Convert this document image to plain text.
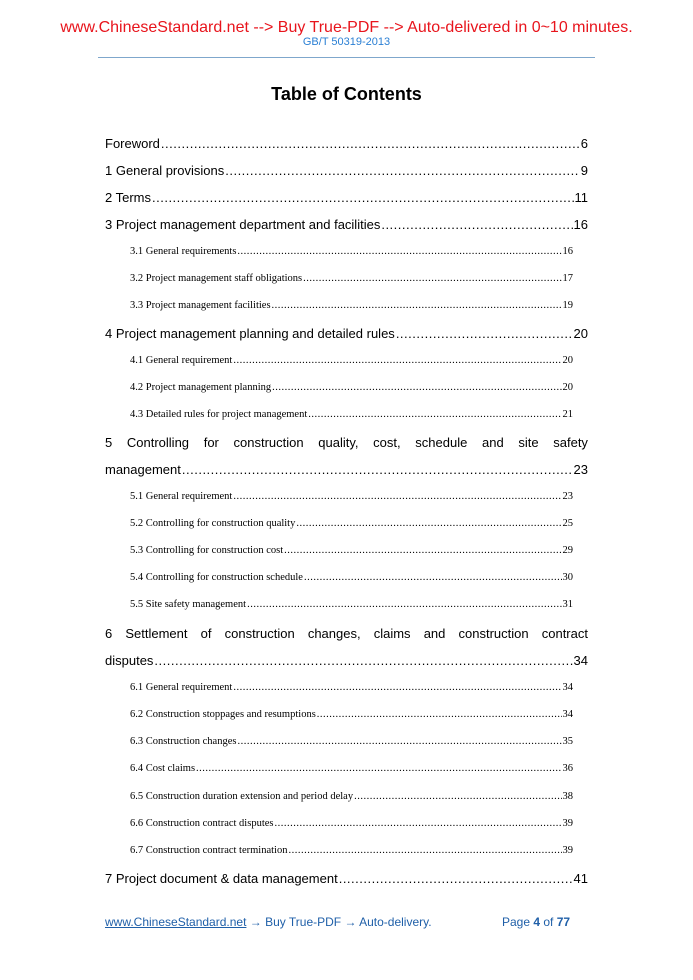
www.ChineseStandard.net --> Buy True-PDF --> Auto-delivered in 0~10 minutes.
GB/T 50319-2013
Table of Contents
Foreword .....	6
1 General provisions .....	9
2 Terms .....	11
3 Project management department and facilities .....	16
3.1 General requirements .....	16
3.2 Project management staff obligations .....	17
3.3 Project management facilities .....	19
4 Project management planning and detailed rules .....	20
4.1 General requirement .....	20
4.2 Project management planning .....	20
4.3 Detailed rules for project management .....	21
5 Controlling for construction quality, cost, schedule and site safety
management .....	23
5.1 General requirement .....	23
5.2 Controlling for construction quality .....	25
5.3 Controlling for construction cost .....	29
5.4 Controlling for construction schedule .....	30
5.5 Site safety management .....	31
6 Settlement of construction changes, claims and construction contract
disputes .....	34
6.1 General requirement .....	34
6.2 Construction stoppages and resumptions .....	34
6.3 Construction changes .....	35
6.4 Cost claims .....	36
6.5 Construction duration extension and period delay .....	38
6.6 Construction contract disputes .....	39
6.7 Construction contract termination .....	39
7 Project document & data management .....	41
www.ChineseStandard.net → Buy True-PDF → Auto-delivery.	Page 4 of 77
